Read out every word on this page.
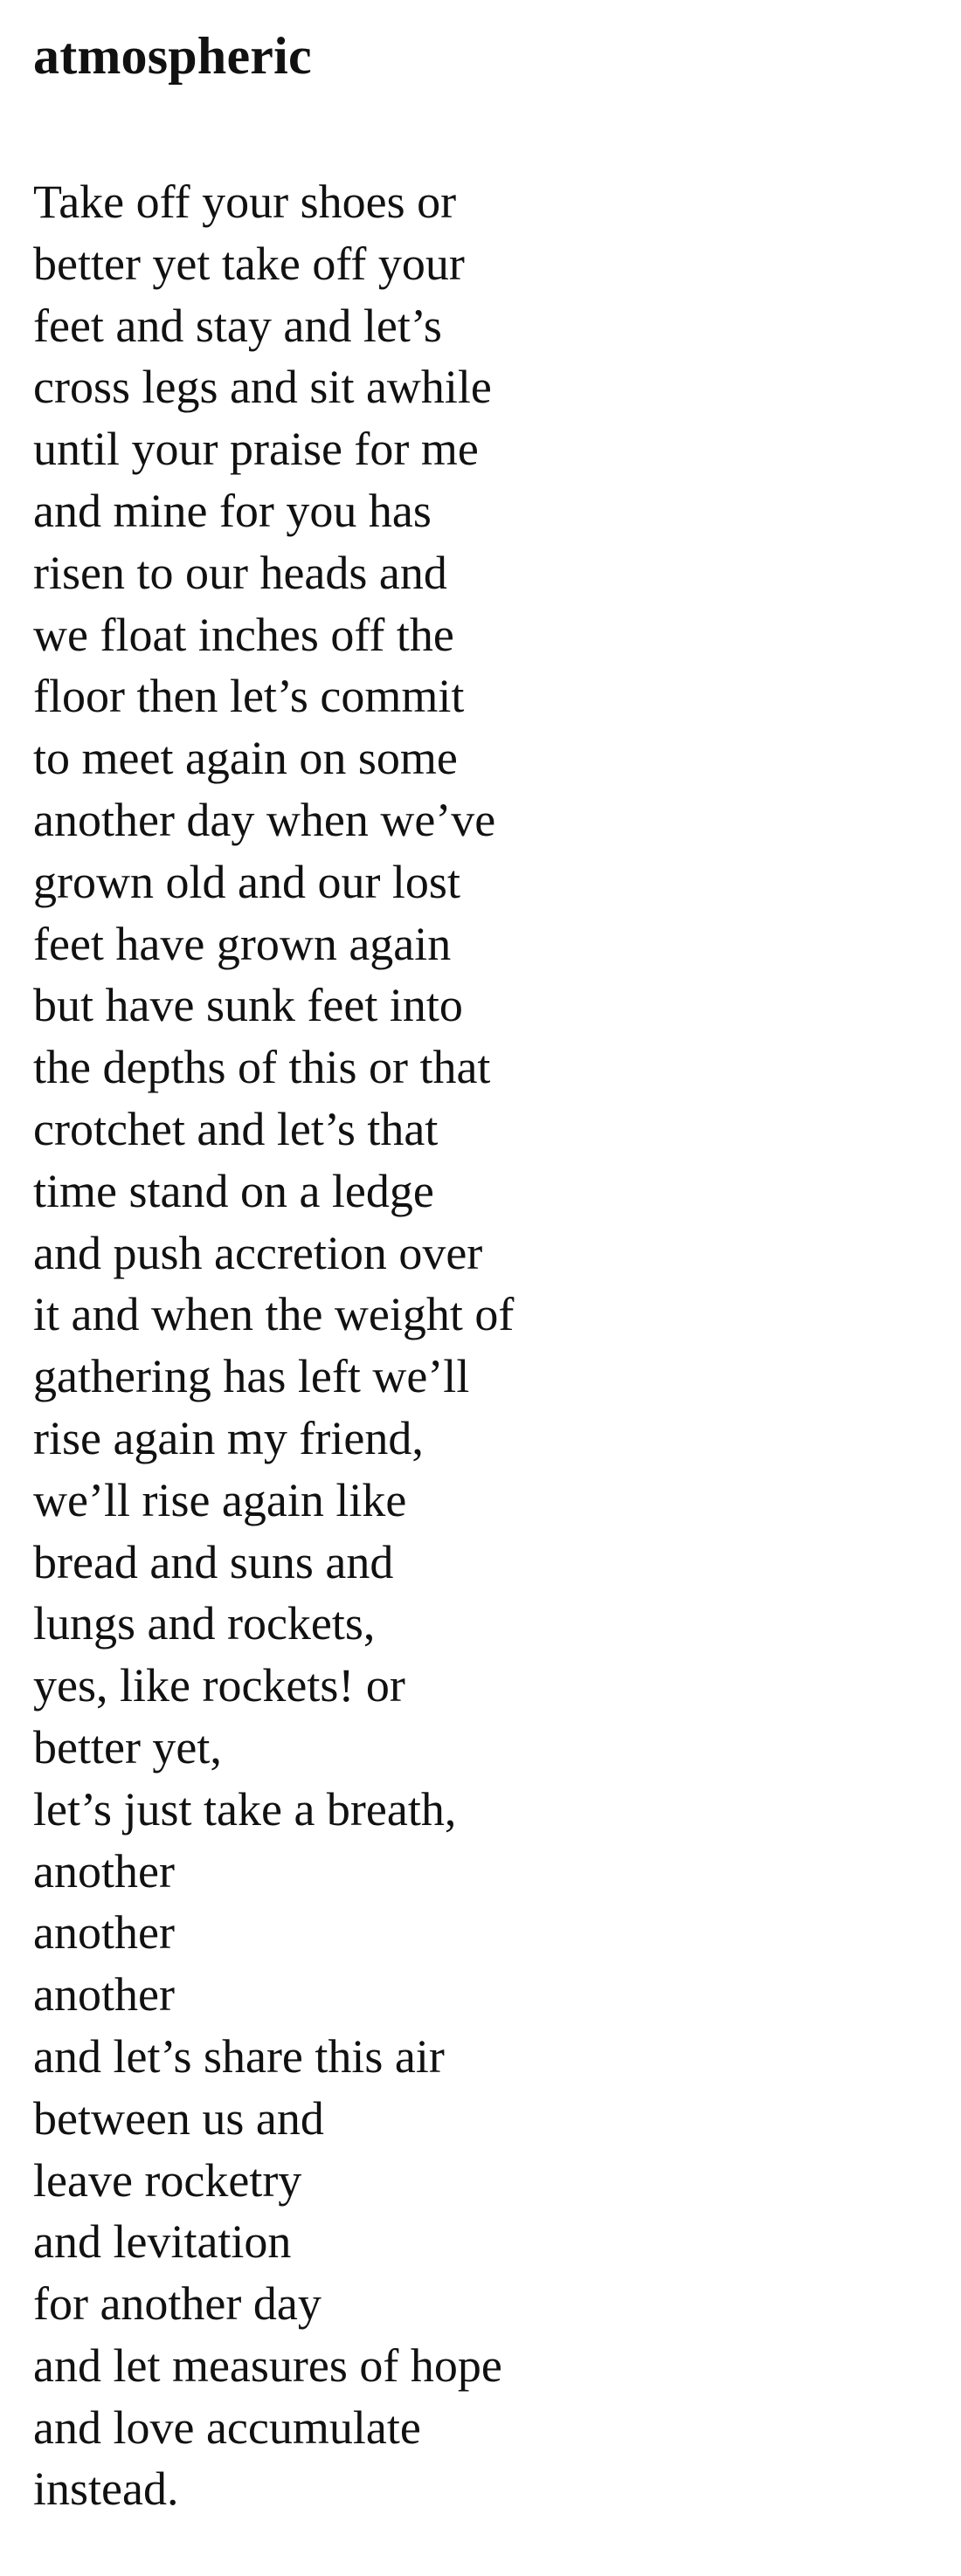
atmospheric
Take off your shoes or
better yet take off your
feet and stay and let’s
cross legs and sit awhile
until your praise for me
and mine for you has
risen to our heads and
we float inches off the
floor then let’s commit
to meet again on some
another day when we’ve
grown old and our lost
feet have grown again
but have sunk feet into
the depths of this or that
crotchet and let’s that
time stand on a ledge
and push accretion over
it and when the weight of
gathering has left we’ll
rise again my friend,
we’ll rise again like
bread and suns and
lungs and rockets,
yes, like rockets! or
better yet,
let’s just take a breath,
another
another
another
and let’s share this air
between us and
leave rocketry
and levitation
for another day
and let measures of hope
and love accumulate
instead.
